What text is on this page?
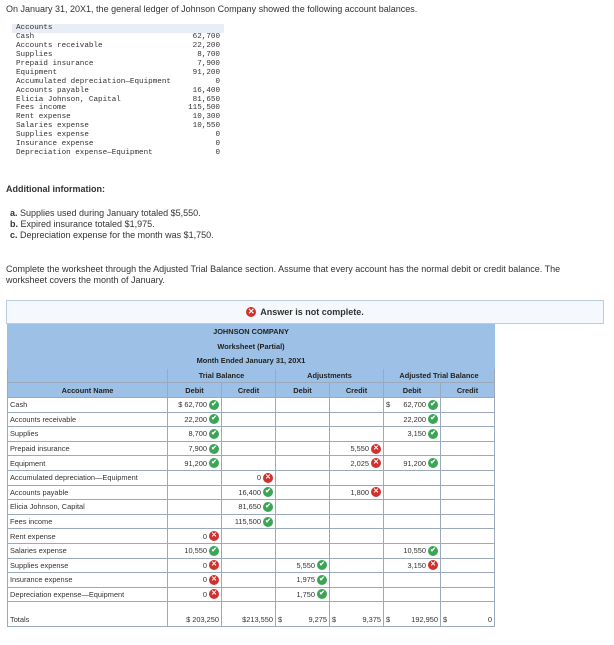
On January 31, 20X1, the general ledger of Johnson Company showed the following account balances.
Accounts
Cash	62,700
Accounts receivable	22,200
Supplies	8,700
Prepaid insurance	7,900
Equipment	91,200
Accumulated depreciation—Equipment	0
Accounts payable	16,400
Elicia Johnson, Capital	81,650
Fees income	115,500
Rent expense	10,300
Salaries expense	10,550
Supplies expense	0
Insurance expense	0
Depreciation expense—Equipment	0
Additional information:
a. Supplies used during January totaled $5,550.
b. Expired insurance totaled $1,975.
c. Depreciation expense for the month was $1,750.
Complete the worksheet through the Adjusted Trial Balance section. Assume that every account has the normal debit or credit balance. The worksheet covers the month of January.
✕ Answer is not complete.
JOHNSON COMPANY						
Worksheet (Partial)						
Month Ended January 31, 20X1						
	Trial Balance		Adjustments		Adjusted Trial Balance	
Account Name	Debit	Credit	Debit	Credit	Debit	Credit
Cash	$ 62,700 ✔				$ 62,700 ✔	

Accounts receivable	22,200 ✔				22,200 ✔	

Supplies	8,700 ✔				3,150 ✔	

Prepaid insurance	7,900 ✔			5,550 ✕		

Equipment	91,200 ✔			2,025 ✕	91,200 ✔	

Accumulated depreciation—Equipment		0 ✕				

Accounts payable		16,400 ✔		1,800 ✕		

Elicia Johnson, Capital		81,650 ✔				

Fees income		115,500 ✔				

Rent expense	0 ✕					

Salaries expense	10,550 ✔				10,550 ✔	

Supplies expense	0 ✕		5,550 ✔		3,150 ✕	

Insurance expense	0 ✕		1,975 ✔			

Depreciation expense—Equipment	0 ✕		1,750 ✔			

Totals	$ 203,250	$213,550	$ 9,275	$ 9,375	$ 192,950	$ 0
